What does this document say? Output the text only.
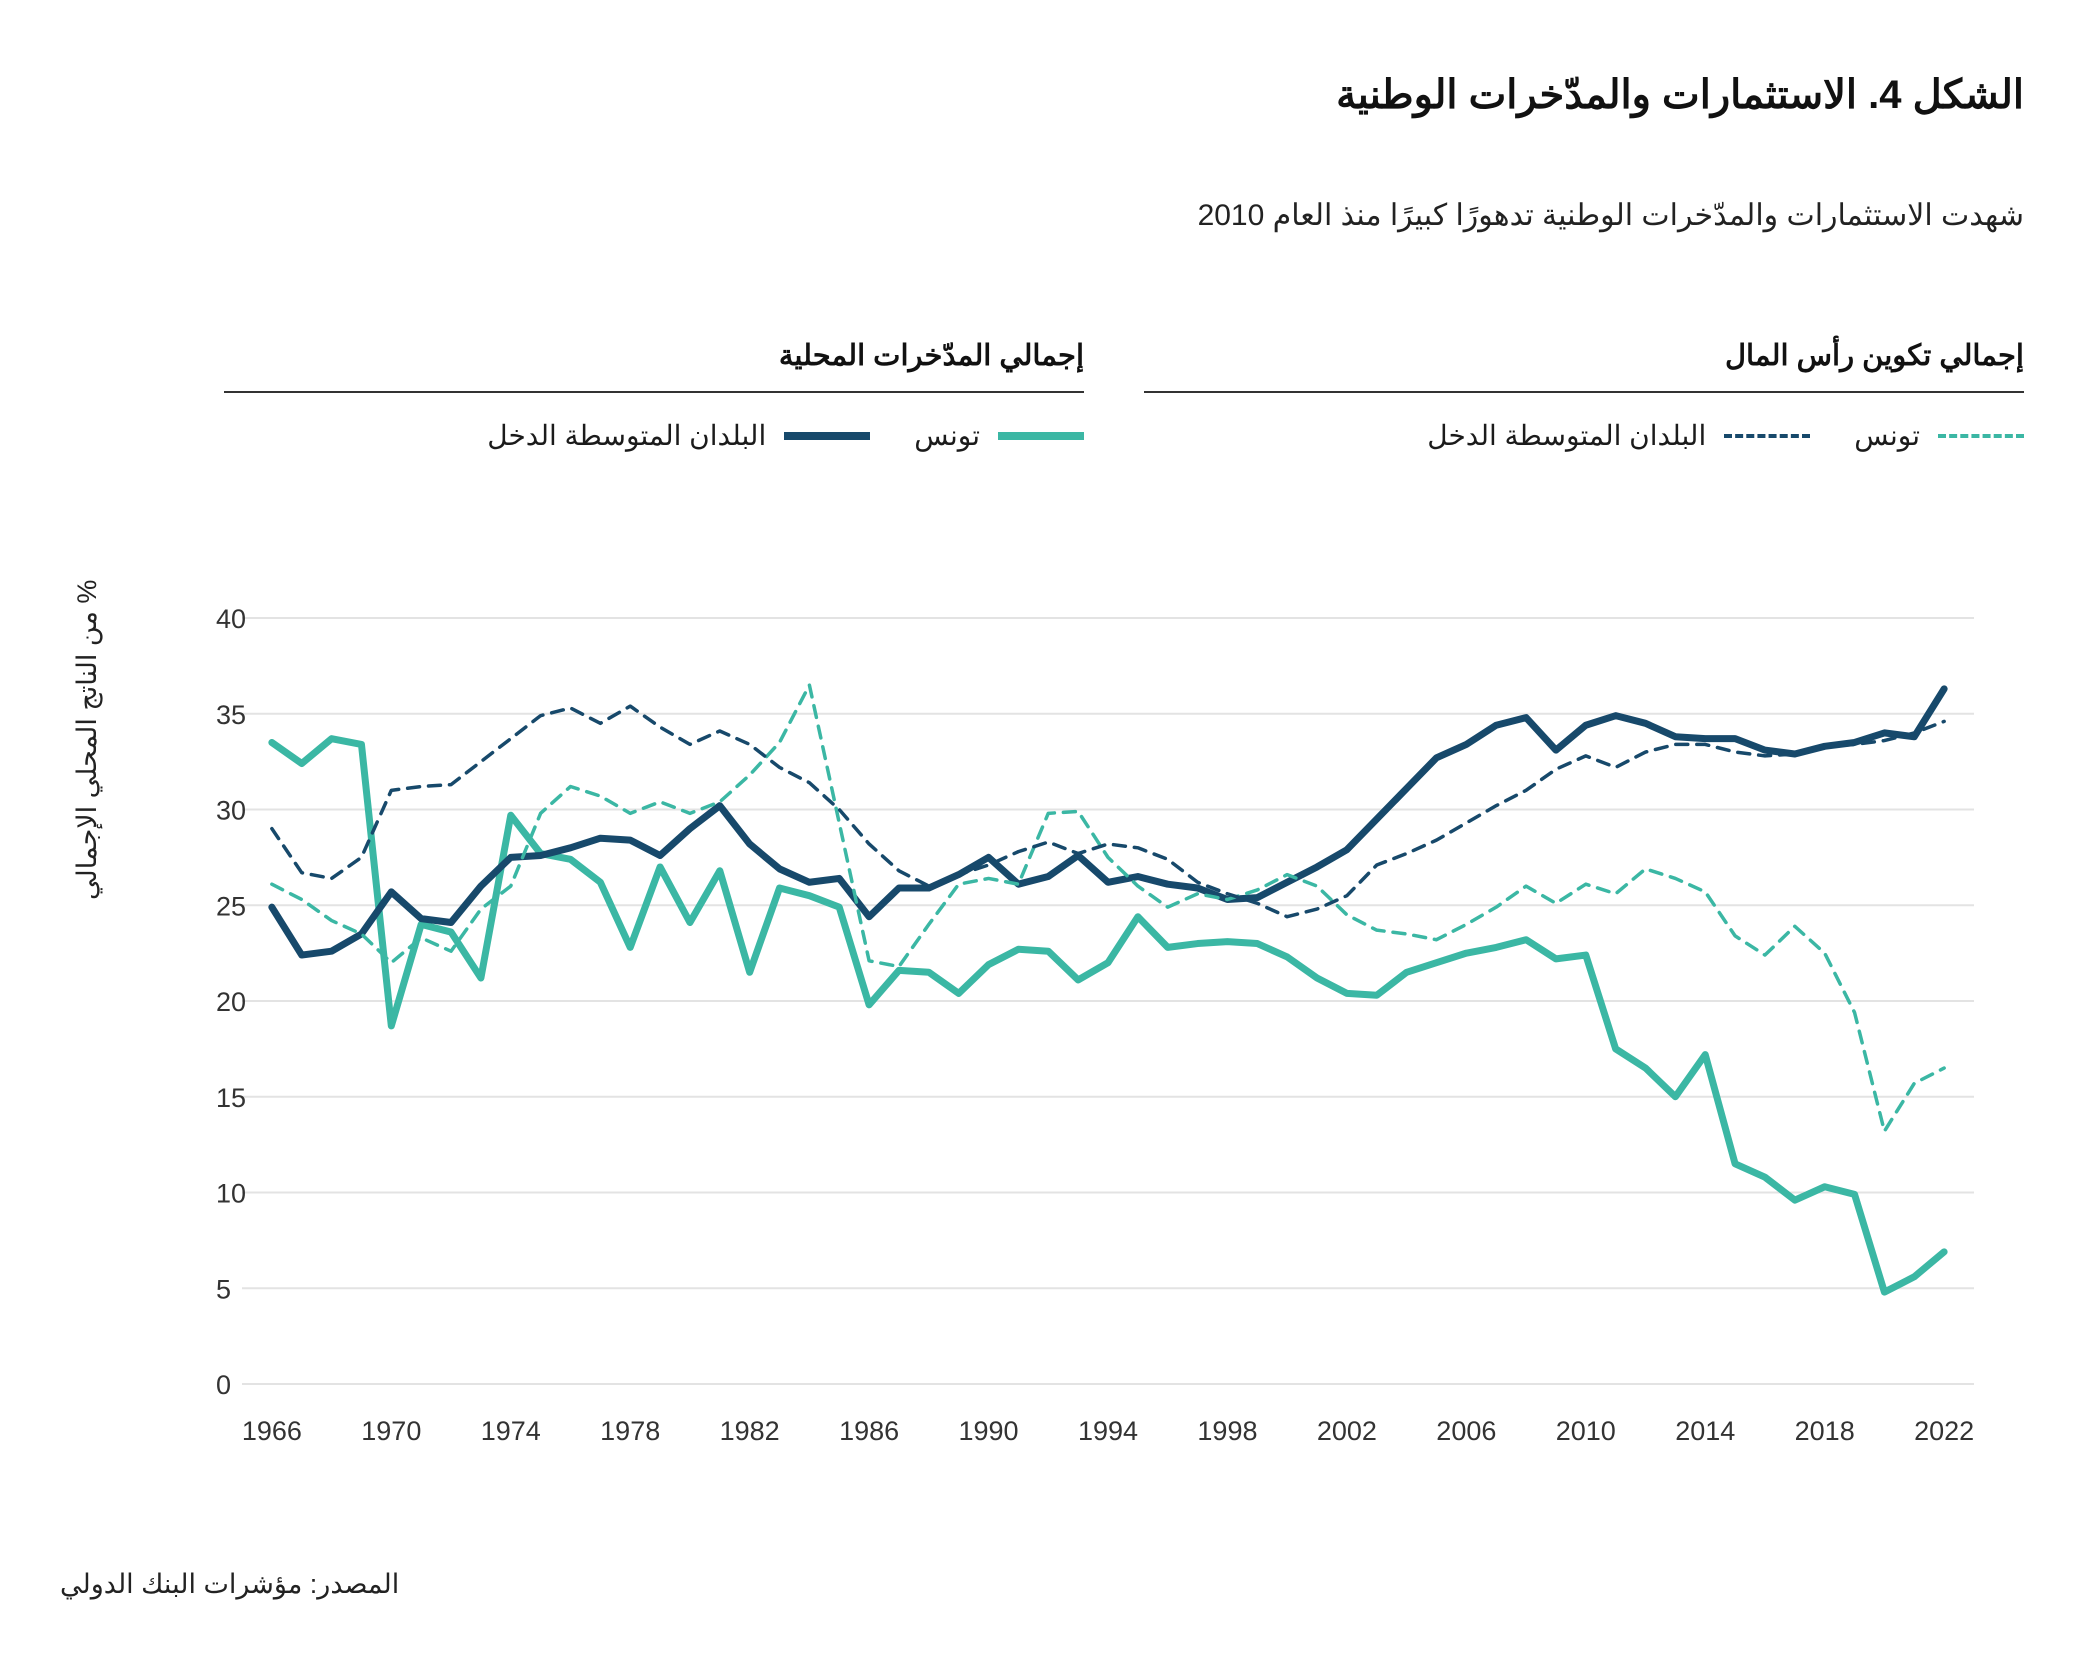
الشكل 4. الاستثمارات والمدّخرات الوطنية
شهدت الاستثمارات والمدّخرات الوطنية تدهورًا كبيرًا منذ العام 2010
إجمالي تكوين رأس المال
تونس
البلدان المتوسطة الدخل
إجمالي المدّخرات المحلية
تونس
البلدان المتوسطة الدخل
% من الناتج المحلي الإجمالي
0
5
10
15
20
25
30
35
40
1966 1970 1974 1978 1982 1986 1990 1994 1998 2002 2006 2010 2014 2018 2022
المصدر: مؤشرات البنك الدولي
